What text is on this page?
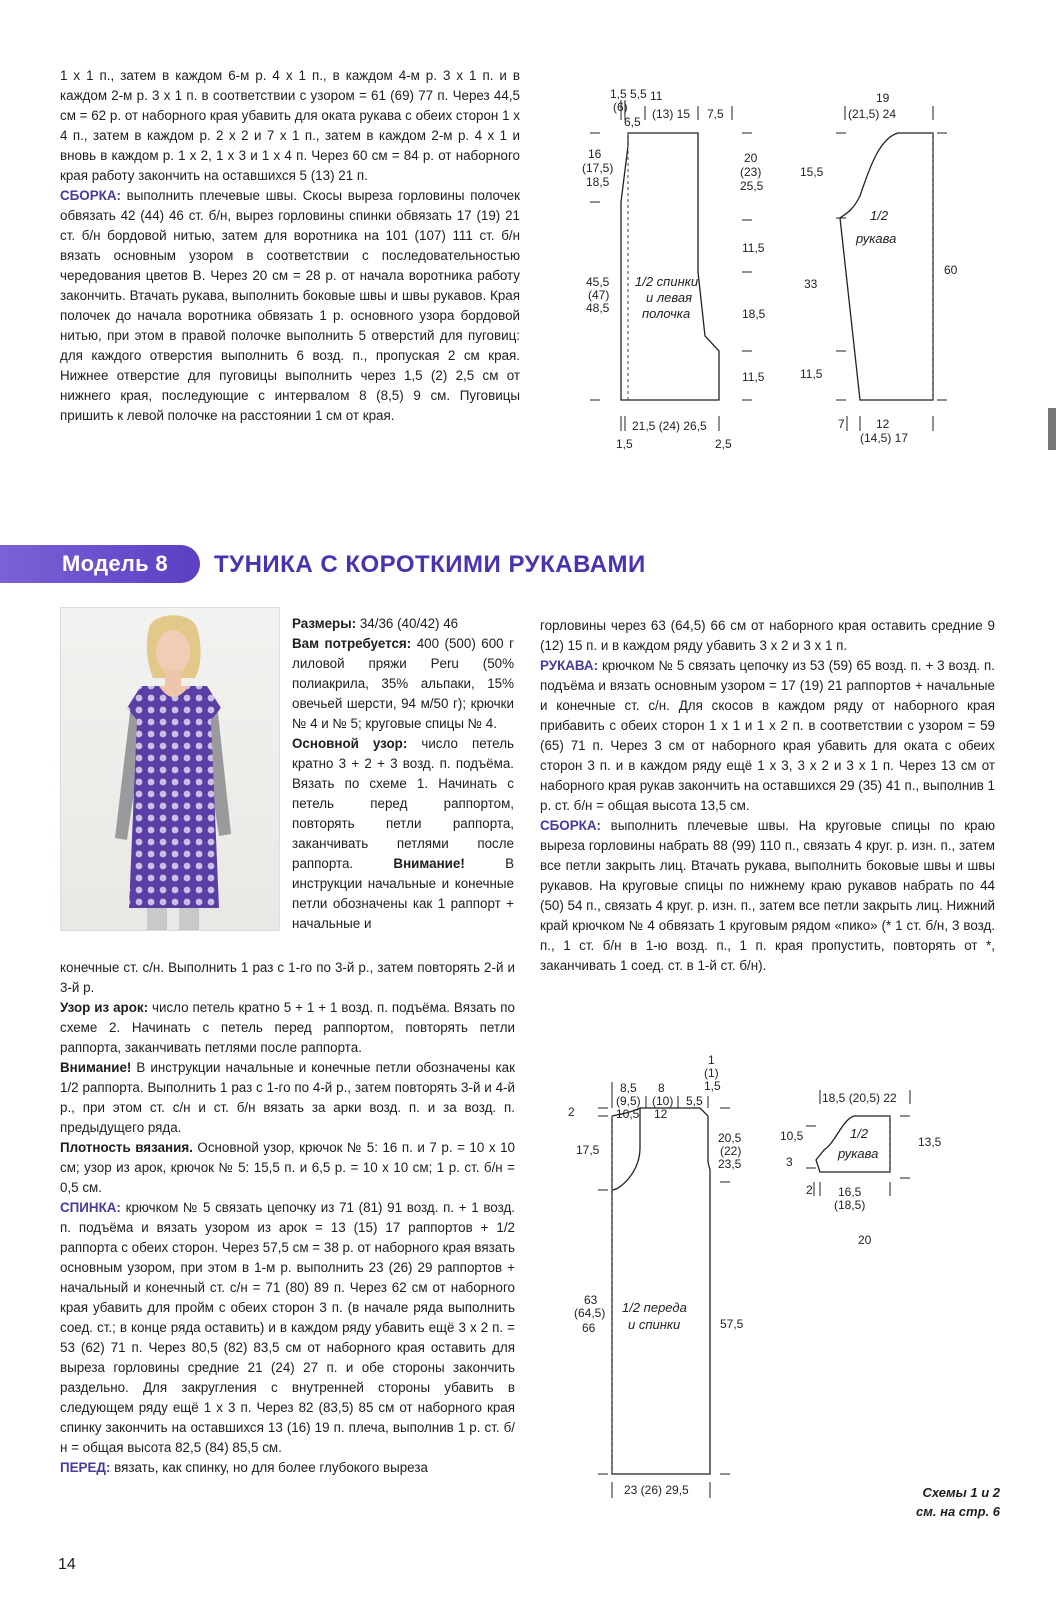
1 х 1 п., затем в каждом 6-м р. 4 х 1 п., в каждом 4-м р. 3 х 1 п. и в каждом 2-м р. 3 х 1 п. в соответствии с узором = 61 (69) 77 п. Через 44,5 см = 62 р. от наборного края убавить для оката рукава с обеих сторон 1 х 4 п., затем в каждом р. 2 х 2 и 7 х 1 п., затем в каждом 2-м р. 4 х 1 и вновь в каждом р. 1 х 2, 1 х 3 и 1 х 4 п. Через 60 см = 84 р. от наборного края работу закончить на оставшихся 5 (13) 21 п.

СБОРКА: выполнить плечевые швы. Скосы выреза горловины полочек обвязать 42 (44) 46 ст. б/н, вырез горловины спинки обвязать 17 (19) 21 ст. б/н бордовой нитью, затем для воротника на 101 (107) 111 ст. б/н вязать основным узором в соответствии с последовательностью чередования цветов В. Через 20 см = 28 р. от начала воротника работу закончить. Втачать рукава, выполнить боковые швы и швы рукавов. Края полочек до начала воротника обвязать 1 р. основного узора бордовой нитью, при этом в правой полочке выполнить 5 отверстий для пуговиц: для каждого отверстия выполнить 6 возд. п., пропуская 2 см края. Нижнее отверстие для пуговицы выполнить через 1,5 (2) 2,5 см от нижнего края, последующие с интервалом 8 (8,5) 9 см. Пуговицы пришить к левой полочке на расстоянии 1 см от края.

1,5 5,5 11
(6) (13) 15 7,5
6,5
16
(17,5)
18,5
45,5
(47)
48,5
20
(23)
25,5
11,5
18,5
11,5
1/2 спинки
и левая
полочка
21,5 (24) 26,5
1,5	2,5
19
(21,5) 24
15,5
33
11,5
60
1/2
рукава
7	12
(14,5) 17
Модель 8 ТУНИКА С КОРОТКИМИ РУКАВАМИ

Размеры: 34/36 (40/42) 46

Вам потребуется: 400 (500) 600 г лиловой пряжи Peru (50% полиакрила, 35% альпаки, 15% овечьей шерсти, 94 м/50 г); крючки № 4 и № 5; круговые спицы № 4.

Основной узор: число петель кратно 3 + 2 + 3 возд. п. подъёма. Вязать по схеме 1. Начинать с петель перед раппортом, повторять петли раппорта, заканчивать петлями после раппорта. Внимание! В инструкции начальные и конечные петли обозначены как 1 раппорт + начальные и

конечные ст. с/н. Выполнить 1 раз с 1-го по 3-й р., затем повторять 2-й и 3-й р.

Узор из арок: число петель кратно 5 + 1 + 1 возд. п. подъёма. Вязать по схеме 2. Начинать с петель перед раппортом, повторять петли раппорта, заканчивать петлями после раппорта.

Внимание! В инструкции начальные и конечные петли обозначены как 1/2 раппорта. Выполнить 1 раз с 1-го по 4-й р., затем повторять 3-й и 4-й р., при этом ст. с/н и ст. б/н вязать за арки возд. п. и за возд. п. предыдущего ряда.

Плотность вязания. Основной узор, крючок № 5: 16 п. и 7 р. = 10 х 10 см; узор из арок, крючок № 5: 15,5 п. и 6,5 р. = 10 х 10 см; 1 р. ст. б/н = 0,5 см.

СПИНКА: крючком № 5 связать цепочку из 71 (81) 91 возд. п. + 1 возд. п. подъёма и вязать узором из арок = 13 (15) 17 раппортов + 1/2 раппорта с обеих сторон. Через 57,5 см = 38 р. от наборного края вязать основным узором, при этом в 1-м р. выполнить 23 (26) 29 раппортов + начальный и конечный ст. с/н = 71 (80) 89 п. Через 62 см от наборного края убавить для пройм с обеих сторон 3 п. (в начале ряда выполнить соед. ст.; в конце ряда оставить) и в каждом ряду убавить ещё 3 х 2 п. = 53 (62) 71 п. Через 80,5 (82) 83,5 см от наборного края оставить для выреза горловины средние 21 (24) 27 п. и обе стороны закончить раздельно. Для закругления с внутренней стороны убавить в следующем ряду ещё 1 х 3 п. Через 82 (83,5) 85 см от наборного края спинку закончить на оставшихся 13 (16) 19 п. плеча, выполнив 1 р. ст. б/н = общая высота 82,5 (84) 85,5 см.

ПЕРЕД: вязать, как спинку, но для более глубокого выреза

горловины через 63 (64,5) 66 см от наборного края оставить средние 9 (12) 15 п. и в каждом ряду убавить 3 х 2 и 3 х 1 п.

РУКАВА: крючком № 5 связать цепочку из 53 (59) 65 возд. п. + 3 возд. п. подъёма и вязать основным узором = 17 (19) 21 раппортов + начальные и конечные ст. с/н. Для скосов в каждом ряду от наборного края прибавить с обеих сторон 1 х 1 и 1 х 2 п. в соответствии с узором = 59 (65) 71 п. Через 3 см от наборного края убавить для оката с обеих сторон 3 п. и в каждом ряду ещё 1 х 3, 3 х 2 и 3 х 1 п. Через 13 см от наборного края рукав закончить на оставшихся 29 (35) 41 п., выполнив 1 р. ст. б/н = общая высота 13,5 см.

СБОРКА: выполнить плечевые швы. На круговые спицы по краю выреза горловины набрать 88 (99) 110 п., связать 4 круг. р. изн. п., затем все петли закрыть лиц. Втачать рукава, выполнить боковые швы и швы рукавов. На круговые спицы по нижнему краю рукавов набрать по 44 (50) 54 п., связать 4 круг. р. изн. п., затем все петли закрыть лиц. Нижний край крючком № 4 обвязать 1 круговым рядом «пико» (* 1 ст. б/н, 3 возд. п., 1 ст. б/н в 1-ю возд. п., 1 п. края пропустить, повторять от *, заканчивать 1 соед. ст. в 1-й ст. б/н).

1
(1)
1,5
8,5
(9,5)
10,5
8
(10)
12
5,5
2
17,5
63
(64,5)
66
20,5
(22)
23,5
57,5
1/2 переда
и спинки
23 (26) 29,5
18,5 (20,5) 22
10,5
3
13,5
1/2
рукава
2 16,5
(18,5)
20
Схемы 1 и 2
см. на стр. 6
14
